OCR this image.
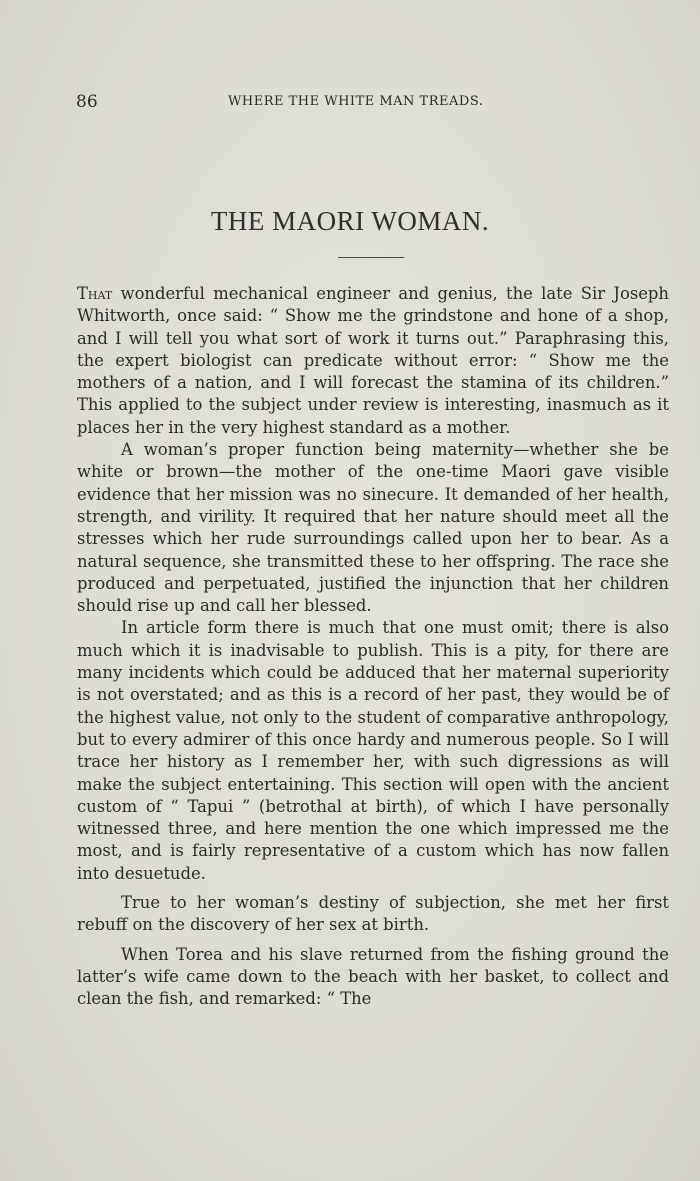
86	WHERE THE WHITE MAN TREADS.
THE MAORI WOMAN.

That wonderful mechanical engineer and genius, the late Sir Joseph Whitworth, once said: “ Show me the grindstone and hone of a shop, and I will tell you what sort of work it turns out.” Paraphrasing this, the expert biologist can predicate without error: “ Show me the mothers of a nation, and I will forecast the stamina of its children.” This applied to the subject under review is interesting, inasmuch as it places her in the very highest standard as a mother.

A woman’s proper function being maternity—whether she be white or brown—the mother of the one-time Maori gave visible evidence that her mission was no sinecure. It demanded of her health, strength, and virility. It required that her nature should meet all the stresses which her rude surroundings called upon her to bear. As a natural sequence, she transmitted these to her offspring. The race she produced and perpetuated, justified the injunction that her children should rise up and call her blessed.

In article form there is much that one must omit; there is also much which it is inadvisable to publish. This is a pity, for there are many incidents which could be adduced that her maternal superiority is not overstated; and as this is a record of her past, they would be of the highest value, not only to the student of comparative anthropology, but to every admirer of this once hardy and numerous people. So I will trace her history as I remember her, with such digressions as will make the subject entertaining. This section will open with the ancient custom of “ Tapui ” (betrothal at birth), of which I have personally witnessed three, and here mention the one which impressed me the most, and is fairly representative of a custom which has now fallen into desuetude.

True to her woman’s destiny of subjection, she met her first rebuff on the discovery of her sex at birth.

When Torea and his slave returned from the fishing ground the latter’s wife came down to the beach with her basket, to collect and clean the fish, and remarked: “ The
